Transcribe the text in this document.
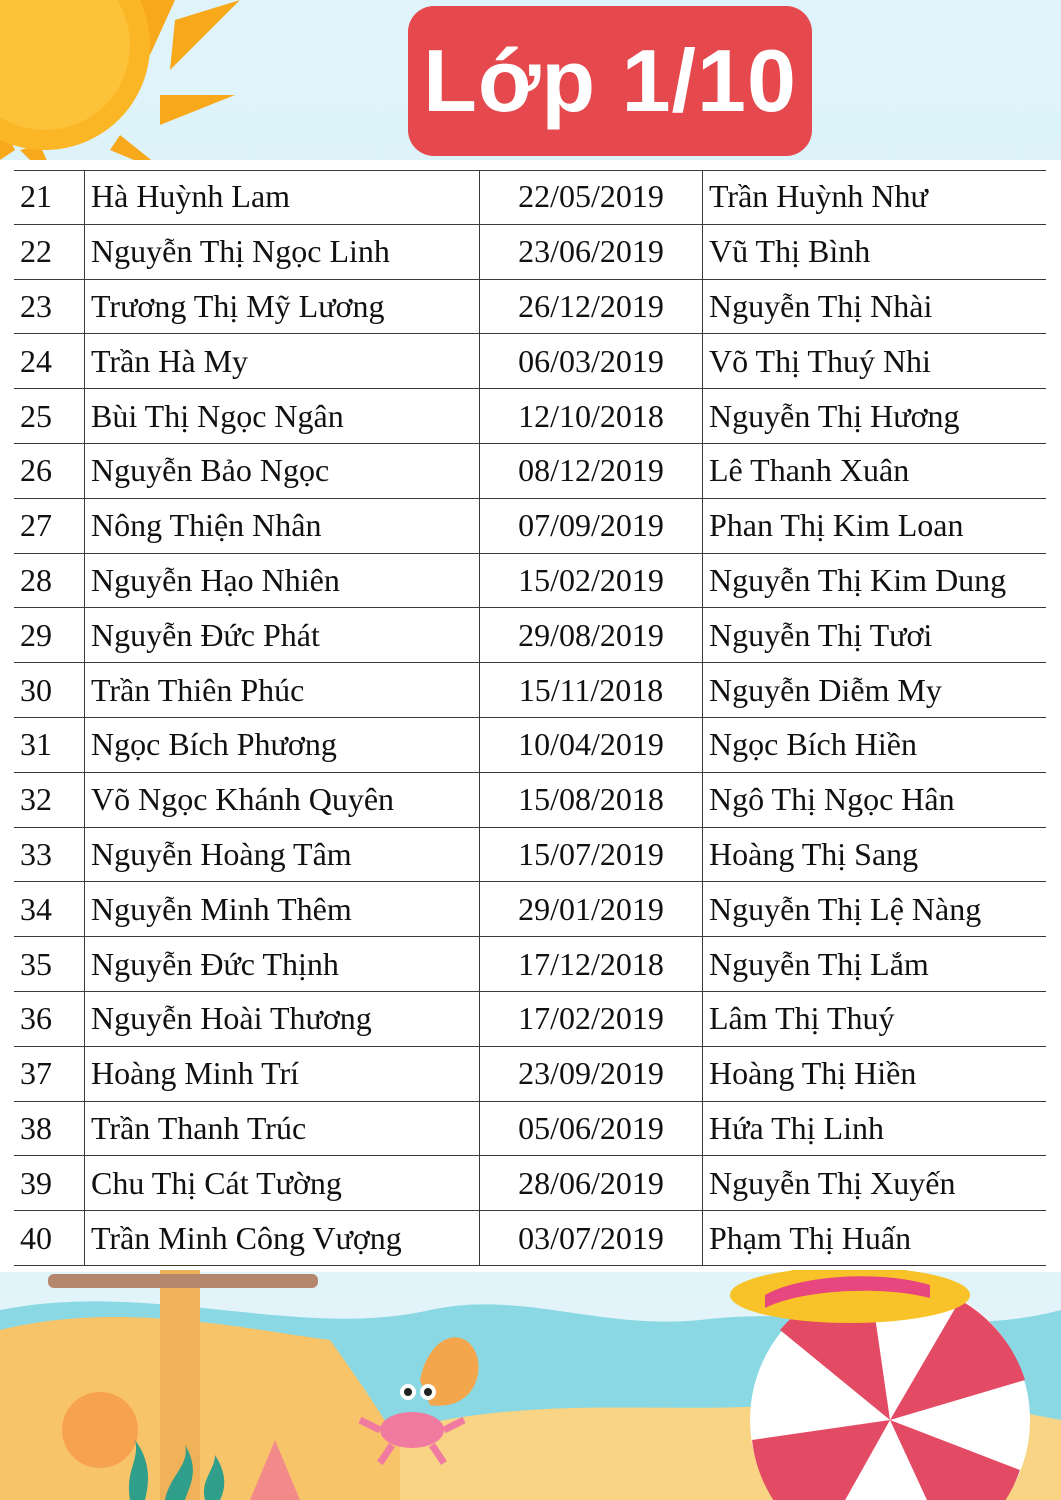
Lớp 1/10
21	Hà Huỳnh Lam	22/05/2019	Trần Huỳnh Như
22	Nguyễn Thị Ngọc Linh	23/06/2019	Vũ Thị Bình
23	Trương Thị Mỹ Lương	26/12/2019	Nguyễn Thị Nhài
24	Trần Hà My	06/03/2019	Võ Thị Thuý Nhi
25	Bùi Thị Ngọc Ngân	12/10/2018	Nguyễn Thị Hương
26	Nguyễn Bảo Ngọc	08/12/2019	Lê Thanh Xuân
27	Nông Thiện Nhân	07/09/2019	Phan Thị Kim Loan
28	Nguyễn Hạo Nhiên	15/02/2019	Nguyễn Thị Kim Dung
29	Nguyễn Đức Phát	29/08/2019	Nguyễn Thị Tươi
30	Trần Thiên Phúc	15/11/2018	Nguyễn Diễm My
31	Ngọc Bích Phương	10/04/2019	Ngọc Bích Hiền
32	Võ Ngọc Khánh Quyên	15/08/2018	Ngô Thị Ngọc Hân
33	Nguyễn Hoàng Tâm	15/07/2019	Hoàng Thị Sang
34	Nguyễn Minh Thêm	29/01/2019	Nguyễn Thị Lệ Nàng
35	Nguyễn Đức Thịnh	17/12/2018	Nguyễn Thị Lắm
36	Nguyễn Hoài Thương	17/02/2019	Lâm Thị Thuý
37	Hoàng Minh Trí	23/09/2019	Hoàng Thị Hiền
38	Trần Thanh Trúc	05/06/2019	Hứa Thị Linh
39	Chu Thị Cát Tường	28/06/2019	Nguyễn Thị Xuyến
40	Trần Minh Công Vượng	03/07/2019	Phạm Thị Huấn
